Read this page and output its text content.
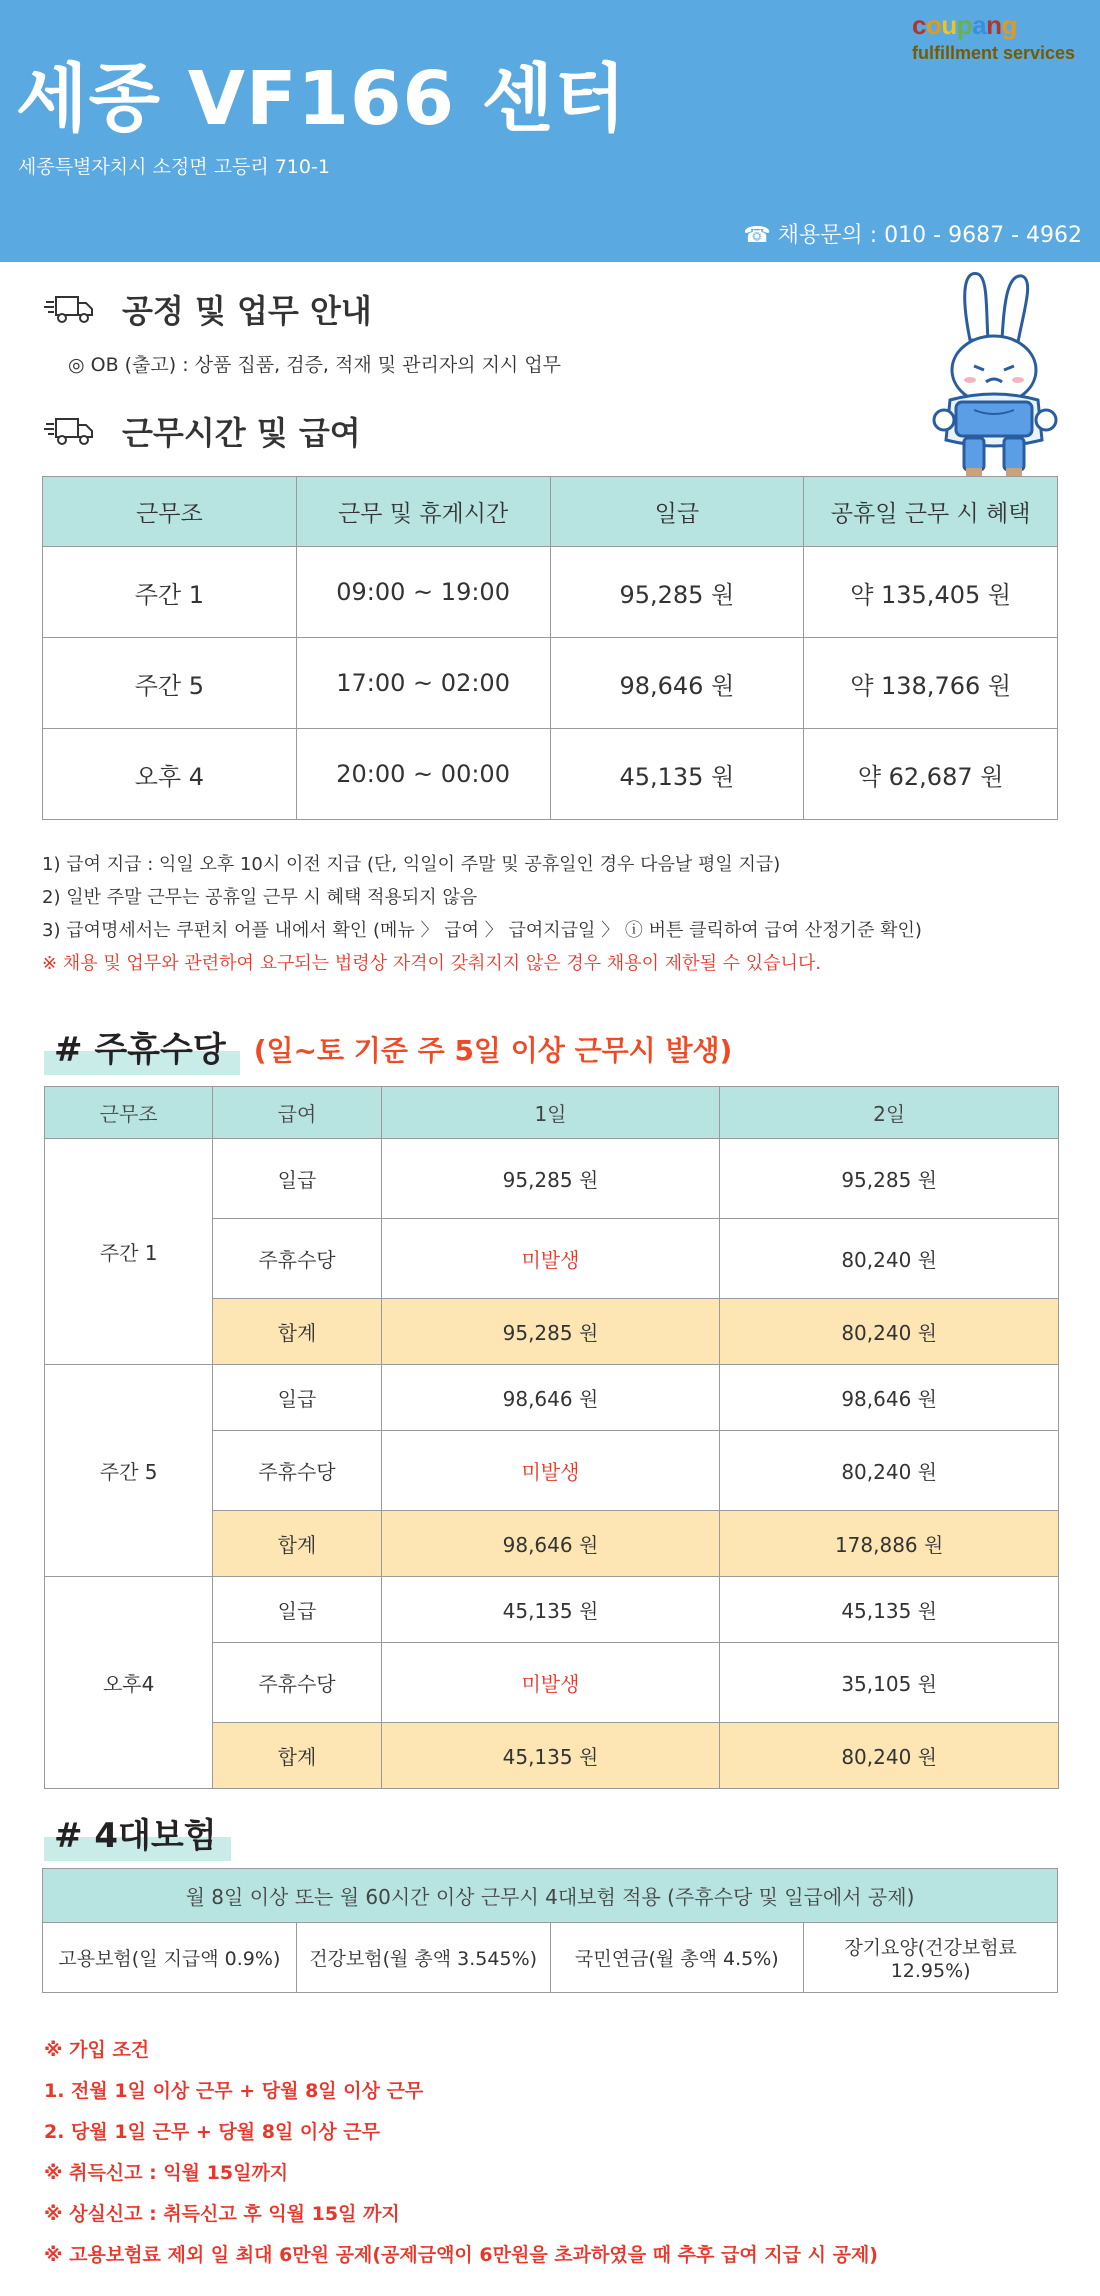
세종 VF166 센터
세종특별자치시 소정면 고등리 710-1
☎ 채용문의 : 010 - 9687 - 4962
coupang
fulfillment services
공정 및 업무 안내
◎ OB (출고) : 상품 집품, 검증, 적재 및 관리자의 지시 업무
근무시간 및 급여
근무조	근무 및 휴게시간	일급	공휴일 근무 시 혜택
주간 1	09:00 ~ 19:00	95,285 원	약 135,405 원
주간 5	17:00 ~ 02:00	98,646 원	약 138,766 원
오후 4	20:00 ~ 00:00	45,135 원	약 62,687 원
1) 급여 지급 : 익일 오후 10시 이전 지급 (단, 익일이 주말 및 공휴일인 경우 다음날 평일 지급)
2) 일반 주말 근무는 공휴일 근무 시 혜택 적용되지 않음
3) 급여명세서는 쿠펀치 어플 내에서 확인 (메뉴 〉 급여 〉 급여지급일 〉 ⓘ 버튼 클릭하여 급여 산정기준 확인)
※ 채용 및 업무와 관련하여 요구되는 법령상 자격이 갖춰지지 않은 경우 채용이 제한될 수 있습니다.
# 주휴수당	(일~토 기준 주 5일 이상 근무시 발생)
근무조	급여	1일	2일
주간 1	일급	95,285 원	95,285 원
	주휴수당	미발생	80,240 원
	합계	95,285 원	80,240 원
주간 5	일급	98,646 원	98,646 원
	주휴수당	미발생	80,240 원
	합계	98,646 원	178,886 원
오후4	일급	45,135 원	45,135 원
	주휴수당	미발생	35,105 원
	합계	45,135 원	80,240 원
# 4대보험
월 8일 이상 또는 월 60시간 이상 근무시 4대보험 적용 (주휴수당 및 일급에서 공제)
고용보험(일 지급액 0.9%)	건강보험(월 총액 3.545%)	국민연금(월 총액 4.5%)	장기요양(건강보험료 12.95%)
※ 가입 조건
1. 전월 1일 이상 근무 + 당월 8일 이상 근무
2. 당월 1일 근무 + 당월 8일 이상 근무
※ 취득신고 : 익월 15일까지
※ 상실신고 : 취득신고 후 익월 15일 까지
※ 고용보험료 제외 일 최대 6만원 공제(공제금액이 6만원을 초과하였을 때 추후 급여 지급 시 공제)
